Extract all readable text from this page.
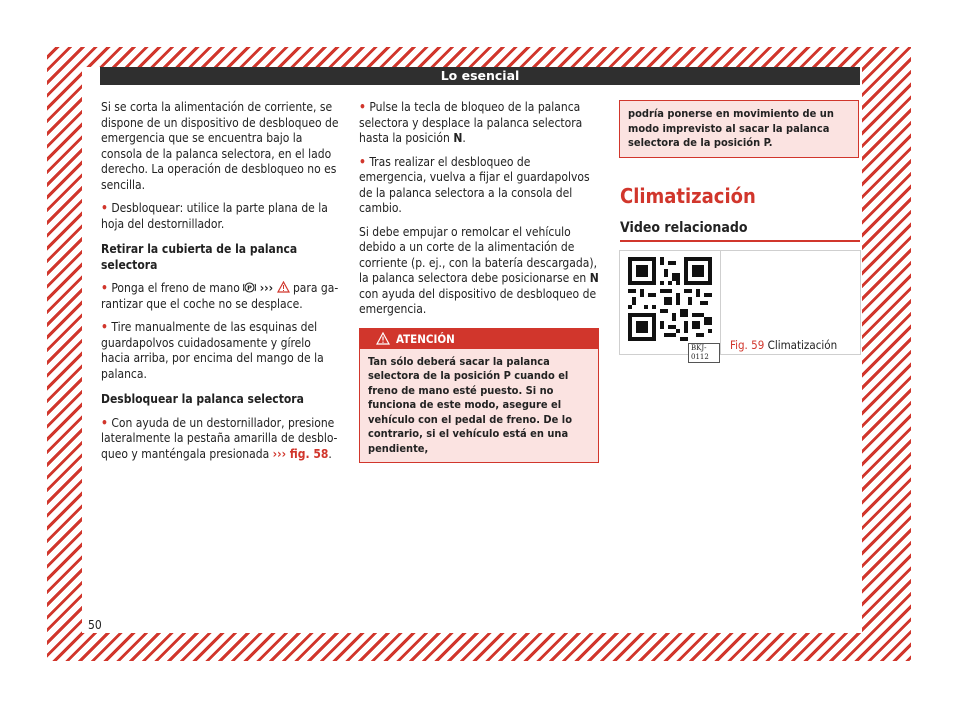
Lo esencial

Si se corta la alimentación de corriente, se dispone de un dispositivo de desbloqueo de emergencia que se encuentra bajo la consola de la palanca selectora, en el lado derecho. La operación de desbloqueo no es sencilla.

• Desbloquear: utilice la parte plana de la hoja del destornillador.

Retirar la cubierta de la palanca selectora

• Ponga el freno de mano P ››› para garantizar que el coche no se desplace.

• Tire manualmente de las esquinas del guardapolvos cuidadosamente y gírelo hacia arriba, por encima del mango de la palanca.

Desbloquear la palanca selectora

• Con ayuda de un destornillador, presione lateralmente la pestaña amarilla de desbloqueo y manténgala presionada ››› fig. 58.

• Pulse la tecla de bloqueo de la palanca selectora y desplace la palanca selectora hasta la posición N.

• Tras realizar el desbloqueo de emergencia, vuelva a fijar el guardapolvos de la palanca selectora a la consola del cambio.

Si debe empujar o remolcar el vehículo debido a un corte de la alimentación de corriente (p. ej., con la batería descargada), la palanca selectora debe posicionarse en N con ayuda del dispositivo de desbloqueo de emergencia.

ATENCIÓN
Tan sólo deberá sacar la palanca selectora de la posición P cuando el freno de mano esté puesto. Si no funciona de este modo, asegure el vehículo con el pedal de freno. De lo contrario, si el vehículo está en una pendiente,
podría ponerse en movimiento de un modo imprevisto al sacar la palanca selectora de la posición P.
Climatización
Video relacionado
BKJ-0112
Fig. 59 Climatización
50
